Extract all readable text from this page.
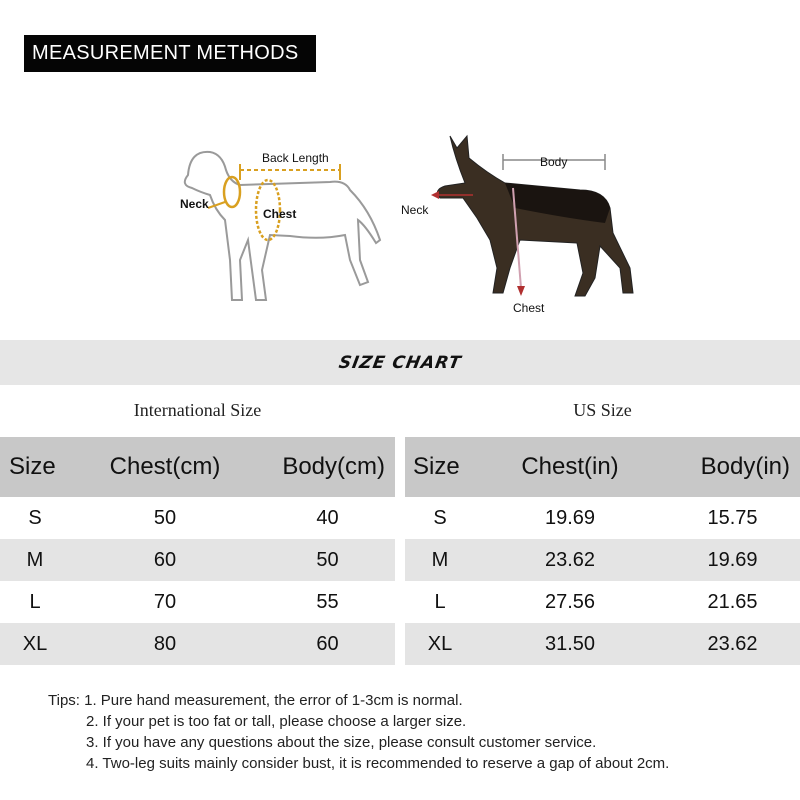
MEASUREMENT METHODS
Back Length
Neck
Chest
Body
Neck
Chest
SIZE CHART
International Size	US Size
Size	Chest(cm)	Body(cm)
S	50	40
M	60	50
L	70	55
XL	80	60
Size	Chest(in)	Body(in)
S	19.69	15.75
M	23.62	19.69
L	27.56	21.65
XL	31.50	23.62
Tips: 1. Pure hand measurement, the error of 1-3cm is normal.
2. If your pet is too fat or tall, please choose a larger size.
3. If you have any questions about the size, please consult customer service.
4. Two-leg suits mainly consider bust, it is recommended to reserve a gap of about 2cm.
